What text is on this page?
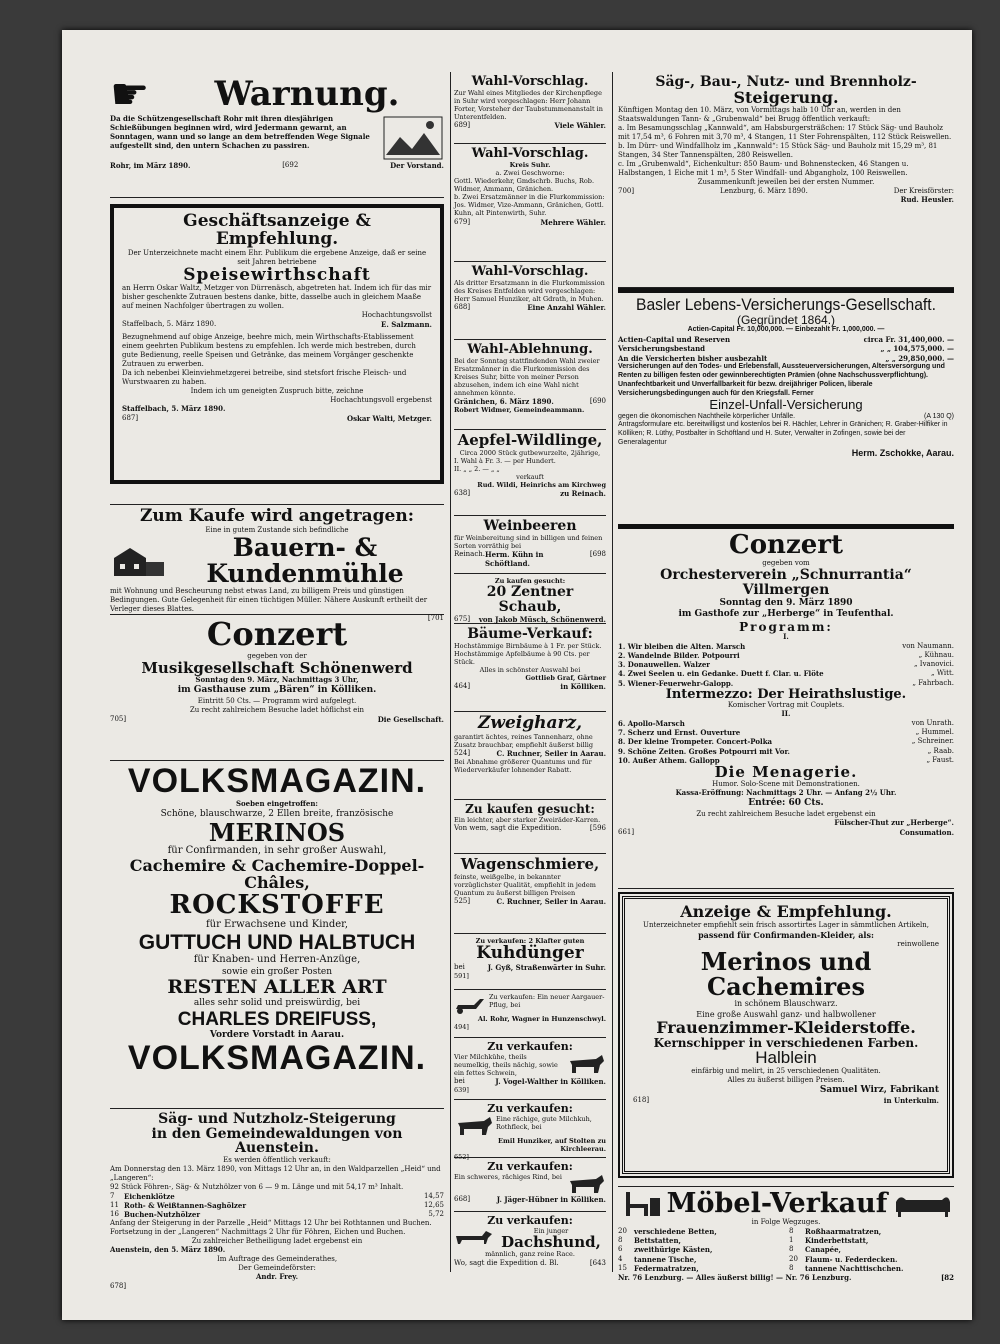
☛	Warnung.

Da die Schützengesellschaft Rohr mit ihren diesjährigen Schießübungen beginnen wird, wird Jedermann gewarnt, an Sonntagen, wann und so lange an dem betreffenden Wege Signale aufgestellt sind, den untern Schachen zu passiren.

Rohr, im März 1890.	[692	Der Vorstand.

Geschäftsanzeige & Empfehlung.

Der Unterzeichnete macht einem Ehr. Publikum die ergebene Anzeige, daß er seine seit Jahren betriebene

Speisewirthschaft

an Herrn Oskar Waltz, Metzger von Dürrenäsch, abgetreten hat. Indem ich für das mir bisher geschenkte Zutrauen bestens danke, bitte, dasselbe auch in gleichem Maaße auf meinen Nachfolger übertragen zu wollen.

Hochachtungsvollst

Staffelbach, 5. März 1890.	E. Salzmann.

Bezugnehmend auf obige Anzeige, beehre mich, mein Wirthschafts-Etablissement einem geehrten Publikum bestens zu empfehlen. Ich werde mich bestreben, durch gute Bedienung, reelle Speisen und Getränke, das meinem Vorgänger geschenkte Zutrauen zu erwerben.

Da ich nebenbei Kleinviehmetzgerei betreibe, sind stetsfort frische Fleisch- und Wurstwaaren zu haben.

Indem ich um geneigten Zuspruch bitte, zeichne

Hochachtungsvoll ergebenst

Staffelbach, 5. März 1890.

687]	Oskar Walti, Metzger.

Zum Kaufe wird angetragen:

Eine in gutem Zustande sich befindliche

Bauern- & Kundenmühle

mit Wohnung und Bescheurung nebst etwas Land, zu billigem Preis und günstigen Bedingungen. Gute Gelegenheit für einen tüchtigen Müller. Nähere Auskunft ertheilt der Verleger dieses Blattes.

[701

Conzert

gegeben von der

Musikgesellschaft Schönenwerd

Sonntag den 9. März, Nachmittags 3 Uhr,

im Gasthause zum „Bären“ in Kölliken.

Eintritt 50 Cts. — Programm wird aufgelegt.

Zu recht zahlreichem Besuche ladet höflichst ein

705]	Die Gesellschaft.

VOLKSMAGAZIN.

Soeben eingetroffen:

Schöne, blauschwarze, 2 Ellen breite, französische

MERINOS

für Confirmanden, in sehr großer Auswahl,

Cachemire & Cachemire-Doppel-Châles,

ROCKSTOFFE

für Erwachsene und Kinder,

GUTTUCH UND HALBTUCH

für Knaben- und Herren-Anzüge,

sowie ein großer Posten

RESTEN ALLER ART

alles sehr solid und preiswürdig, bei

CHARLES DREIFUSS,

Vordere Vorstadt in Aarau.

VOLKSMAGAZIN.

Säg- und Nutzholz-Steigerung

in den Gemeindewaldungen von Auenstein.

Es werden öffentlich verkauft:

Am Donnerstag den 13. März 1890, von Mittags 12 Uhr an, in den Waldparzellen „Heid“ und „Langeren“:

92 Stück Föhren-, Säg- & Nutzhölzer von 6 — 9 m. Länge und mit 54,17 m³ Inhalt.

7	Eichenklötze	14,57
11 Roth- & Weißtannen-Saghölzer	12,65
16 Buchen-Nutzhölzer	5,72

Anfang der Steigerung in der Parzelle „Heid“ Mittags 12 Uhr bei Rothtannen und Buchen. Fortsetzung in der „Langeren“ Nachmittags 2 Uhr für Föhren, Eichen und Buchen.

Zu zahlreicher Betheiligung ladet ergebenst ein

Auenstein, den 5. März 1890.

Im Auftrage des Gemeinderathes,

Der Gemeindeförster:

Andr. Frey.

678]

Wahl-Vorschlag.

Zur Wahl eines Mitgliedes der Kirchenpflege in Suhr wird vorgeschlagen: Herr Johann Forter, Vorsteher der Taubstummenanstalt in Unterentfelden.

689]	Viele Wähler.

Wahl-Vorschlag.

Kreis Suhr.

a. Zwei Geschworne:

Gottl. Wiederkehr, Gmdschrb. Buchs, Rob. Widmer, Ammann, Gränichen.

b. Zwei Ersatzmänner in die Flurkommission:

Jos. Widmer, Vize-Ammann, Gränichen, Gottl. Kuhn, alt Pintenwirth, Suhr.

679]	Mehrere Wähler.

Wahl-Vorschlag.

Als dritter Ersatzmann in die Flurkommission des Kreises Entfelden wird vorgeschlagen: Herr Samuel Hunziker, alt Gdrath, in Muhen.

688]	Eine Anzahl Wähler.

Wahl-Ablehnung.

Bei der Sonntag stattfindenden Wahl zweier Ersatzmänner in die Flurkommission des Kreises Suhr, bitte von meiner Person abzusehen, indem ich eine Wahl nicht annehmen könnte.

Gränichen, 6. März 1890.	[690

Robert Widmer, Gemeindeammann.

Aepfel-Wildlinge,

Circa 2000 Stück gutbewurzelte, 2jährige,

I. Wahl à Fr. 3. — per Hundert.

II. „ „ 2. — „ „

verkauft

Rud. Wildi, Heinrichs am Kirchweg

638]	zu Reinach.

Weinbeeren

für Weinbereitung sind in billigen und feinen Sorten vorräthig bei

Reinach. Herm. Kühn in Schöftland.
[698

Zu kaufen gesucht:

20 Zentner Schaub,

675] von Jakob Müsch, Schönenwerd.

Bäume-Verkauf:

Hochstämmige Birnbäume à 1 Fr. per Stück.

Hochstämmige Apfelbäume à 90 Cts. per Stück.

Alles in schönster Auswahl bei

Gottlieb Graf, Gärtner

464]	in Kölliken.

Zweigharz,

garantirt ächtes, reines Tannenharz, ohne Zusatz brauchbar, empfiehlt äußerst billig

524]	C. Ruchner, Seiler in Aarau.

Bei Abnahme größerer Quantums und für Wiederverkäufer lohnender Rabatt.

Zu kaufen gesucht:

Ein leichter, aber starker Zweiräder-Karren.

Von wem, sagt die Expedition.	[596

Wagenschmiere,

feinste, weißgelbe, in bekannter vorzüglichster Qualität, empfiehlt in jedem Quantum zu äußerst billigen Preisen

525]	C. Ruchner, Seiler in Aarau.

Zu verkaufen: 2 Klafter guten

Kuhdünger

bei	J. Gyß, Straßenwärter in Suhr.

591]

Zu verkaufen: Ein neuer Aargauer-Pflug, bei

Al. Rohr, Wagner in Hunzenschwyl.

494]

Zu verkaufen:

Vier Milchkühe, theils neumelkig, theils nächig, sowie ein fettes Schwein,

bei	J. Vogel-Walther in Kölliken.

639]

Zu verkaufen:

Eine rächige, gute Milchkuh, Rothfleck, bei

Emil Hunziker, auf Stolten zu Kirchleerau.

652]

Zu verkaufen:

Ein schweres, rächiges Rind, bei

668]	J. Jäger-Hübner in Kölliken.

Zu verkaufen:

Ein junger

Dachshund,

männlich, ganz reine Race.

Wo, sagt die Expedition d. Bl.	[643

Säg-, Bau-, Nutz- und Brennholz-

Steigerung.

Künftigen Montag den 10. März, von Vormittags halb 10 Uhr an, werden in den Staatswaldungen Tann- & „Grubenwald“ bei Brugg öffentlich verkauft:

a. Im Besamungsschlag „Kannwald“, am Habsburgersträßchen: 17 Stück Säg- und Bauholz mit 17,54 m³, 6 Fohren mit 3,70 m³, 4 Stangen, 11 Ster Fohrenspälten, 112 Stück Reiswellen.

b. Im Dürr- und Windfallholz im „Kannwald“: 15 Stück Säg- und Bauholz mit 15,29 m³, 81 Stangen, 34 Ster Tannenspälten, 280 Reiswellen.

c. Im „Grubenwald“, Eichenkultur: 850 Baum- und Bohnenstecken, 46 Stangen u. Halbstangen, 1 Eiche mit 1 m³, 5 Ster Windfall- und Abgangholz, 100 Reiswellen.

Zusammenkunft jeweilen bei der ersten Nummer.

700]	Lenzburg, 6. März 1890.	Der Kreisförster:

Rud. Heusler.

Basler Lebens-Versicherungs-Gesellschaft.

(Gegründet 1864.)

Actien-Capital Fr. 10,000,000. — Einbezahlt Fr. 1,000,000. —

Actien-Capital und Reserven	circa Fr. 31,400,000. —
Versicherungsbestand	„ „ 104,575,000. —
An die Versicherten bisher ausbezahlt	„ „ 29,850,000. —

Versicherungen auf den Todes- und Erlebensfall, Aussteuerversicherungen, Altersversorgung und Renten zu billigen festen oder gewinnberechtigten Prämien (ohne Nachschussverpflichtung). Unanfechtbarkeit und Unverfallbarkeit für bezw. dreijähriger Policen, liberale Versicherungsbedingungen auch für den Kriegsfall. Ferner

Einzel-Unfall-Versicherung

gegen die ökonomischen Nachtheile körperlicher Unfälle.	(A 130 Q)

Antragsformulare etc. bereitwilligst und kostenlos bei R. Hächler, Lehrer in Gränichen; R. Graber-Hilfiker in Kölliken; R. Lüthy, Postbalter in Schöftland und H. Suter, Verwalter in Zofingen, sowie bei der Generalagentur

Herm. Zschokke, Aarau.

Conzert

gegeben vom

Orchesterverein „Schnurrantia“ Villmergen

Sonntag den 9. März 1890

im Gasthofe zur „Herberge“ in Teufenthal.

Programm:

I.

1. Wir bleiben die Alten. Marsch	von Naumann.
2. Wandelnde Bilder. Potpourri	„ Kühnau.
3. Donauwellen. Walzer	„ Ivanovici.
4. Zwei Seelen u. ein Gedanke. Duett f. Clar. u. Flöte	„ Witt.
5. Wiener-Feuerwehr-Galopp.	„ Fahrbach.

Intermezzo: Der Heirathslustige.

Komischer Vortrag mit Couplets.

II.

6. Apollo-Marsch	von Unrath.
7. Scherz und Ernst. Ouverture	„ Hummel.
8. Der kleine Trompeter. Concert-Polka	„ Schreiner.
9. Schöne Zeiten. Großes Potpourri mit Vor.	„ Raab.
10. Außer Athem. Gallopp	„ Faust.

Die Menagerie.

Humor. Solo-Scene mit Demonstrationen.

Kassa-Eröffnung: Nachmittags 2 Uhr. — Anfang 2½ Uhr.

Entrée: 60 Cts.

Zu recht zahlreichem Besuche ladet ergebenst ein

Fülscher-Thut zur „Herberge“.

661]	Consumation.

Anzeige & Empfehlung.

Unterzeichneter empfiehlt sein frisch assortirtes Lager in sämmtlichen Artikeln,

passend für Confirmanden-Kleider, als:

reinwollene

Merinos und Cachemires

in schönem Blauschwarz.

Eine große Auswahl ganz- und halbwollener

Frauenzimmer-Kleiderstoffe.

Kernschipper in verschiedenen Farben.

Halblein

einfärbig und melirt, in 25 verschiedenen Qualitäten.

Alles zu äußerst billigen Preisen.

Samuel Wirz, Fabrikant

618]	in Unterkulm.

Möbel-Verkauf

in Folge Wegzuges.

20	verschiedene Betten,
8	Bettstatten,
6	zweithürige Kästen,
4	tannene Tische,
15	Federmatratzen,
8	Roßhaarmatratzen,
1	Kinderbettstatt,
8	Canapée,
20	Flaum- u. Federdecken.
8	tannene Nachttischchen.
Nr. 76 Lenzburg. — Alles äußerst billig! — Nr. 76 Lenzburg.	[82
